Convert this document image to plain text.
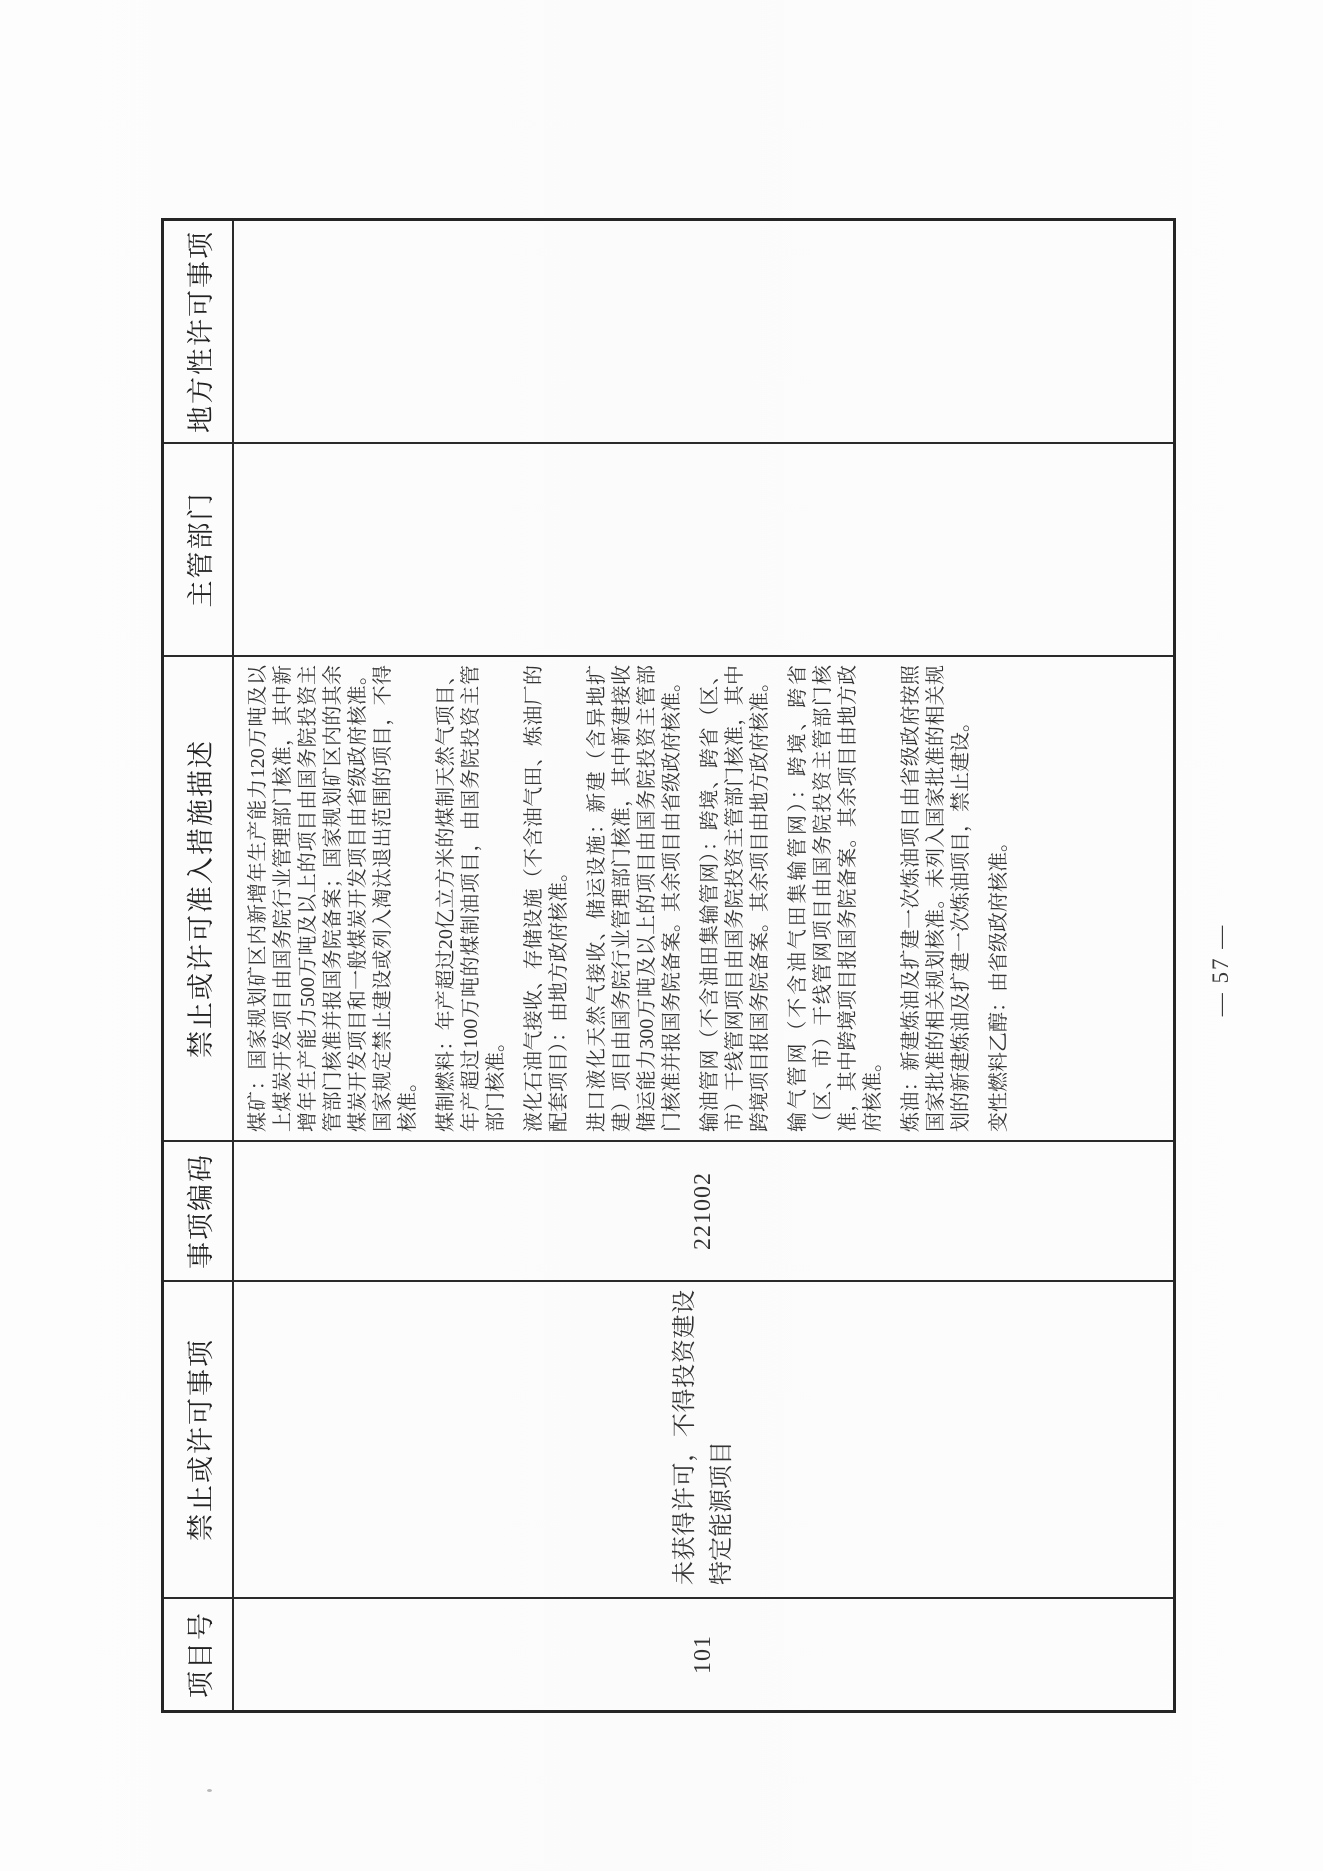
项目号
禁止或许可事项
事项编码
禁止或许可准入措施描述
主管部门
地方性许可事项
101
未获得许可，不得投资建设特定能源项目
221002

煤矿：国家规划矿区内新增年生产能力120万吨及以上煤炭开发项目由国务院行业管理部门核准，其中新增年生产能力500万吨及以上的项目由国务院投资主管部门核准并报国务院备案；国家规划矿区内的其余煤炭开发项目和一般煤炭开发项目由省级政府核准。国家规定禁止建设或列入淘汰退出范围的项目，不得核准。 煤制燃料：年产超过20亿立方米的煤制天然气项目、年产超过100万吨的煤制油项目，由国务院投资主管部门核准。 液化石油气接收、存储设施（不含油气田、炼油厂的配套项目）：由地方政府核准。 进口液化天然气接收、储运设施：新建（含异地扩建）项目由国务院行业管理部门核准，其中新建接收储运能力300万吨及以上的项目由国务院投资主管部门核准并报国务院备案。其余项目由省级政府核准。 输油管网（不含油田集输管网）：跨境、跨省（区、市）干线管网项目由国务院投资主管部门核准，其中跨境项目报国务院备案。其余项目由地方政府核准。 输气管网（不含油气田集输管网）：跨境、跨省（区、市）干线管网项目由国务院投资主管部门核准，其中跨境项目报国务院备案。其余项目由地方政府核准。 炼油：新建炼油及扩建一次炼油项目由省级政府按照国家批准的相关规划核准。未列入国家批准的相关规划的新建炼油及扩建一次炼油项目，禁止建设。 变性燃料乙醇：由省级政府核准。	— 57 —
